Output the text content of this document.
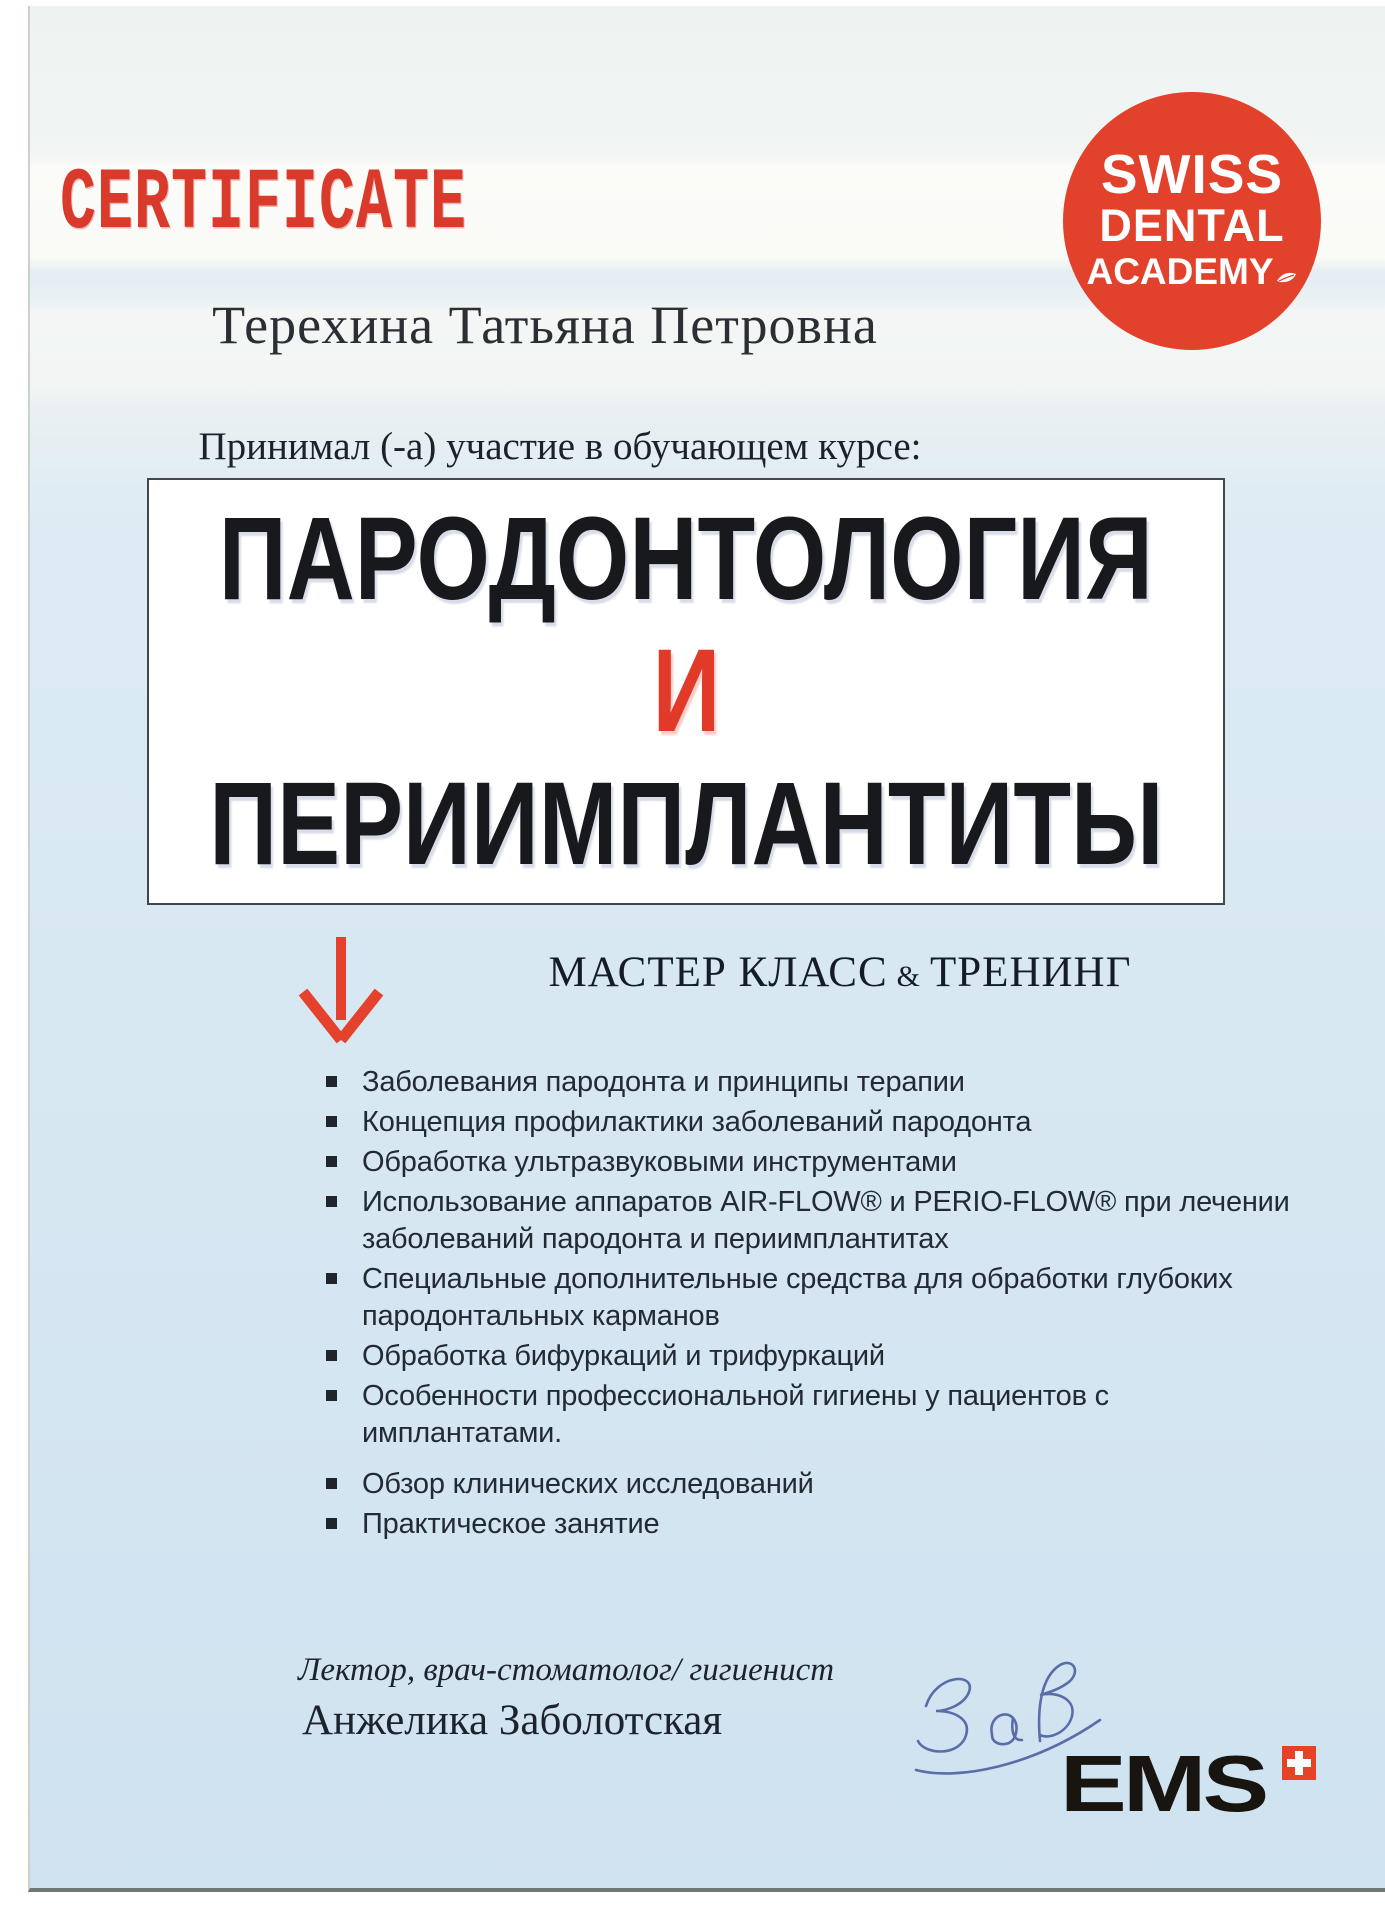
CERTIFICATE	SWISS
DENTAL
ACADEMY
Терехина Татьяна Петровна
Принимал (-а) участие в обучающем курсе:
ПАРОДОНТОЛОГИЯ
И
ПЕРИИМПЛАНТИТЫ
МАСТЕР КЛАСС & ТРЕНИНГ
Заболевания пародонта и принципы терапии
Концепция профилактики заболеваний пародонта
Обработка ультразвуковыми инструментами
Использование аппаратов AIR-FLOW® и PERIO-FLOW® при лечении
заболеваний пародонта и периимплантитах
Специальные дополнительные средства для обработки глубоких
пародонтальных карманов
Обработка бифуркаций и трифуркаций
Особенности профессиональной гигиены у пациентов с
имплантатами.
Обзор клинических исследований
Практическое занятие
Лектор, врач-стоматолог/ гигиенист
Анжелика Заболотская
EMS
